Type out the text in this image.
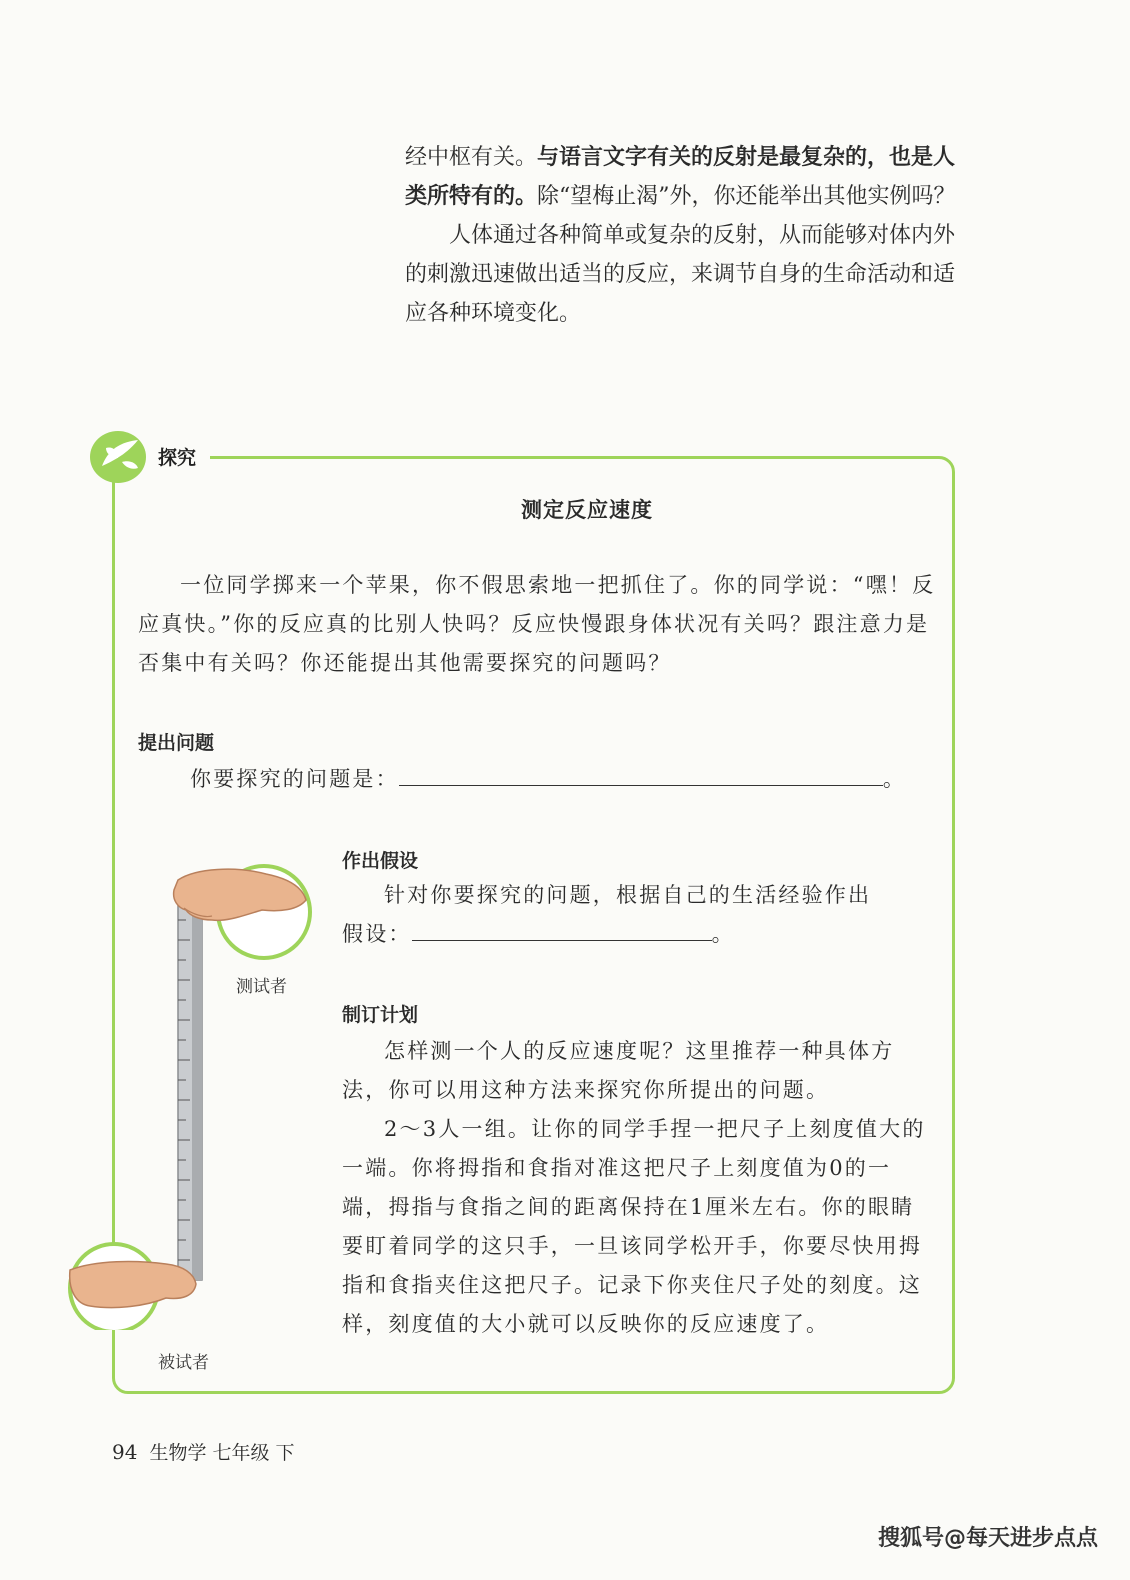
经中枢有关。与语言文字有关的反射是最复杂的，也是人类所特有的。除“望梅止渴”外，你还能举出其他实例吗？

人体通过各种简单或复杂的反射，从而能够对体内外的刺激迅速做出适当的反应，来调节自身的生命活动和适应各种环境变化。

探究
测定反应速度

一位同学掷来一个苹果，你不假思索地一把抓住了。你的同学说：“嘿！反应真快。”你的反应真的比别人快吗？反应快慢跟身体状况有关吗？跟注意力是否集中有关吗？你还能提出其他需要探究的问题吗？

提出问题
你要探究的问题是：	。
测试者
被试者
作出假设

针对你要探究的问题，根据自己的生活经验作出

假设：	。
制订计划

怎样测一个人的反应速度呢？这里推荐一种具体方法，你可以用这种方法来探究你所提出的问题。

2～3人一组。让你的同学手捏一把尺子上刻度值大的一端。你将拇指和食指对准这把尺子上刻度值为0的一端，拇指与食指之间的距离保持在1厘米左右。你的眼睛要盯着同学的这只手，一旦该同学松开手，你要尽快用拇指和食指夹住这把尺子。记录下你夹住尺子处的刻度。这样，刻度值的大小就可以反映你的反应速度了。

94 生物学 七年级 下
搜狐号@每天进步点点
